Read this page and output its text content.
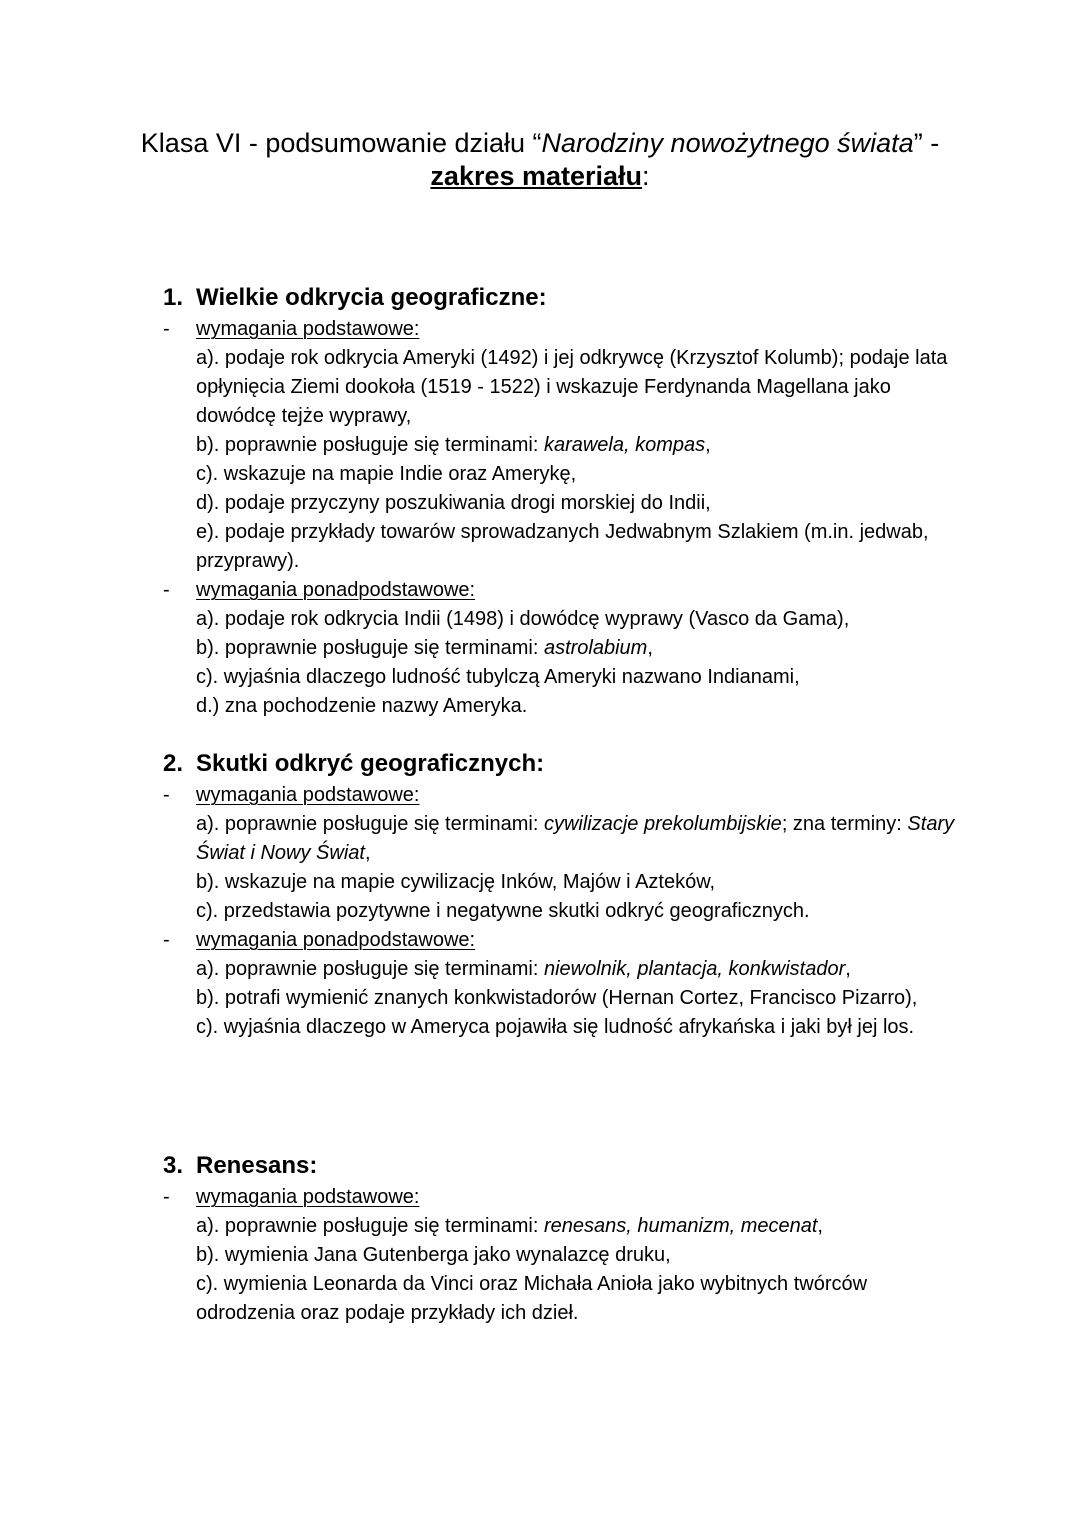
Klasa VI - podsumowanie działu “Narodziny nowożytnego świata” -
zakres materiału:
1. Wielkie odkrycia geograficzne:
- wymagania podstawowe:

a). podaje rok odkrycia Ameryki (1492) i jej odkrywcę (Krzysztof Kolumb); podaje lata opłynięcia Ziemi dookoła (1519 - 1522) i wskazuje Ferdynanda Magellana jako dowódcę tejże wyprawy,

b). poprawnie posługuje się terminami: karawela, kompas,

c). wskazuje na mapie Indie oraz Amerykę,

d). podaje przyczyny poszukiwania drogi morskiej do Indii,

e). podaje przykłady towarów sprowadzanych Jedwabnym Szlakiem (m.in. jedwab, przyprawy).

- wymagania ponadpodstawowe:

a). podaje rok odkrycia Indii (1498) i dowódcę wyprawy (Vasco da Gama),

b). poprawnie posługuje się terminami: astrolabium,

c). wyjaśnia dlaczego ludność tubylczą Ameryki nazwano Indianami,

d.) zna pochodzenie nazwy Ameryka.

2. Skutki odkryć geograficznych:
- wymagania podstawowe:

a). poprawnie posługuje się terminami: cywilizacje prekolumbijskie; zna terminy: Stary Świat i Nowy Świat,

b). wskazuje na mapie cywilizację Inków, Majów i Azteków,

c). przedstawia pozytywne i negatywne skutki odkryć geograficznych.

- wymagania ponadpodstawowe:

a). poprawnie posługuje się terminami: niewolnik, plantacja, konkwistador,

b). potrafi wymienić znanych konkwistadorów (Hernan Cortez, Francisco Pizarro),

c). wyjaśnia dlaczego w Ameryca pojawiła się ludność afrykańska i jaki był jej los.

3. Renesans:
- wymagania podstawowe:

a). poprawnie posługuje się terminami: renesans, humanizm, mecenat,

b). wymienia Jana Gutenberga jako wynalazcę druku,

c). wymienia Leonarda da Vinci oraz Michała Anioła jako wybitnych twórców odrodzenia oraz podaje przykłady ich dzieł.
